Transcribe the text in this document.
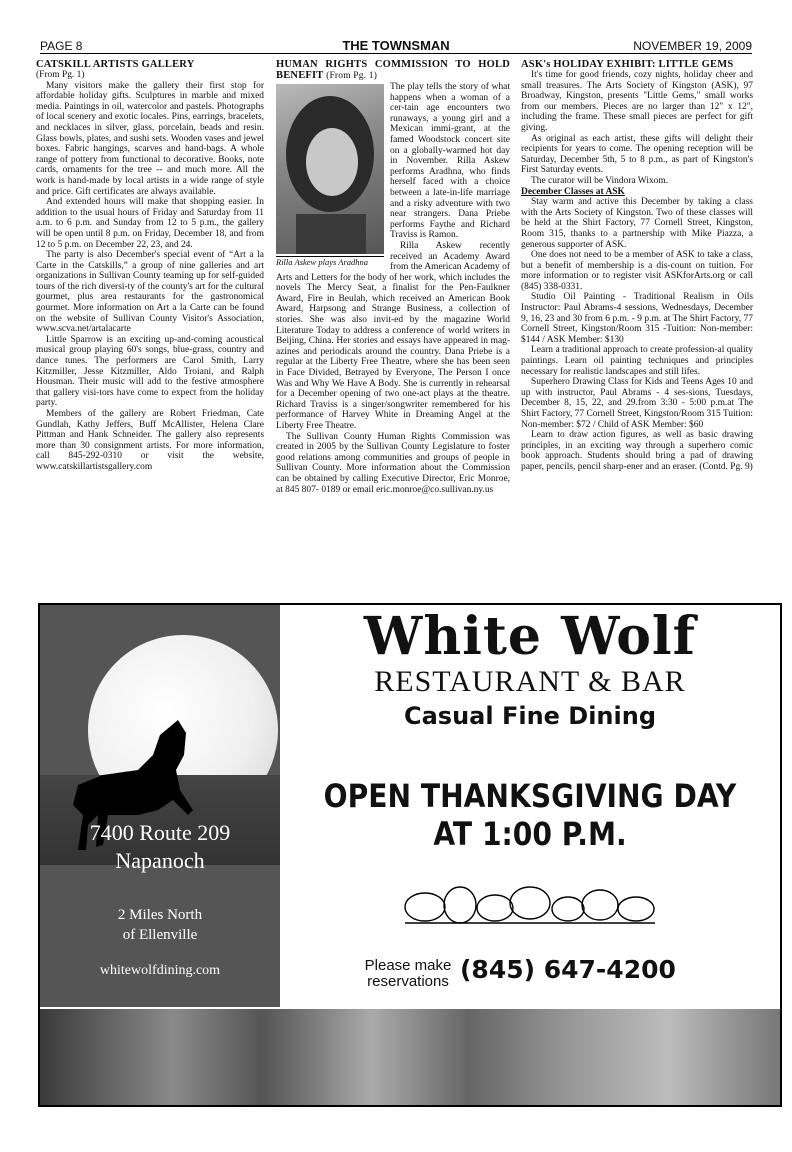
PAGE 8	THE TOWNSMAN	NOVEMBER 19, 2009
CATSKILL ARTISTS GALLERY

(From Pg. 1)

Many visitors make the gallery their first stop for affordable holiday gifts. Sculptures in marble and mixed media. Paintings in oil, watercolor and pastels. Photographs of local scenery and exotic locales. Pins, earrings, bracelets, and necklaces in silver, glass, porcelain, beads and resin. Glass bowls, plates, and sushi sets. Wooden vases and jewel boxes. Fabric hangings, scarves and hand-bags. A whole range of pottery from functional to decorative. Books, note cards, ornaments for the tree -- and much more. All the work is hand-made by local artists in a wide range of style and price. Gift certificates are always available.

And extended hours will make that shopping easier. In addition to the usual hours of Friday and Saturday from 11 a.m. to 6 p.m. and Sunday from 12 to 5 p.m., the gallery will be open until 8 p.m. on Friday, December 18, and from 12 to 5 p.m. on December 22, 23, and 24.

The party is also December's special event of “Art a la Carte in the Catskills,” a group of nine galleries and art organizations in Sullivan County teaming up for self-guided tours of the rich diversi-ty of the county's art for the cultural gourmet, plus area restaurants for the gastronomical gourmet. More information on Art a la Carte can be found on the website of Sullivan County Visitor's Association, www.scva.net/artalacarte

Little Sparrow is an exciting up-and-coming acoustical musical group playing 60's songs, blue-grass, country and dance tunes. The performers are Carol Smith, Larry Kitzmiller, Jesse Kitzmiller, Aldo Troiani, and Ralph Housman. Their music will add to the festive atmosphere that gallery visi-tors have come to expect from the holiday party.

Members of the gallery are Robert Friedman, Cate Gundlah, Kathy Jeffers, Buff McAllister, Helena Clare Pittman and Hank Schneider. The gallery also represents more than 30 consignment artists. For more information, call 845-292-0310 or visit the website, www.catskillartistsgallery.com

HUMAN RIGHTS COMMISSION TO HOLD BENEFIT (From Pg. 1)
Rilla Askew plays Aradhna

The play tells the story of what happens when a woman of a cer-tain age encounters two runaways, a young girl and a Mexican immi-grant, at the famed Woodstock concert site on a globally-warmed hot day in November. Rilla Askew performs Aradhna, who finds herself faced with a choice between a late-in-life marriage and a risky adventure with two near strangers. Dana Priebe performs Faythe and Richard Traviss is Ramon.

Rilla Askew recently received an Academy Award from the American Academy of Arts and Letters for the body of her work, which includes the novels The Mercy Seat, a finalist for the Pen-Faulkner Award, Fire in Beulah, which received an American Book Award, Harpsong and Strange Business, a collection of stories. She was also invit-ed by the magazine World Literature Today to address a conference of world writers in Beijing, China. Her stories and essays have appeared in mag-azines and periodicals around the country. Dana Priebe is a regular at the Liberty Free Theatre, where she has been seen in Face Divided, Betrayed by Everyone, The Person I once Was and Why We Have A Body. She is currently in rehearsal for a December opening of two one-act plays at the theatre. Richard Traviss is a singer/songwriter remembered for his performance of Harvey White in Dreaming Angel at the Liberty Free Theatre.

The Sullivan County Human Rights Commission was created in 2005 by the Sullivan County Legislature to foster good relations among communities and groups of people in Sullivan County. More information about the Commission can be obtained by calling Executive Director, Eric Monroe, at 845 807- 0189 or email eric.monroe@co.sullivan.ny.us

ASK's HOLIDAY EXHIBIT: LITTLE GEMS

It's time for good friends, cozy nights, holiday cheer and small treasures. The Arts Society of Kingston (ASK), 97 Broadway, Kingston, presents "Little Gems," small works from our members. Pieces are no larger than 12" x 12", including the frame. These small pieces are perfect for gift giving.

As original as each artist, these gifts will delight their recipients for years to come. The opening reception will be Saturday, December 5th, 5 to 8 p.m., as part of Kingston's First Saturday events.

The curator will be Vindora Wixom.

December Classes at ASK

Stay warm and active this December by taking a class with the Arts Society of Kingston. Two of these classes will be held at the Shirt Factory, 77 Cornell Street, Kingston, Room 315, thanks to a partnership with Mike Piazza, a generous supporter of ASK.

One does not need to be a member of ASK to take a class, but a benefit of membership is a dis-count on tuition. For more information or to register visit ASKforArts.org or call (845) 338-0331.

Studio Oil Painting - Traditional Realism in Oils Instructor: Paul Abrams-4 sessions, Wednesdays, December 9, 16, 23 and 30 from 6 p.m. - 9 p.m. at The Shirt Factory, 77 Cornell Street, Kingston/Room 315 -Tuition: Non-member: $144 / ASK Member: $130

Learn a traditional approach to create profession-al quality paintings. Learn oil painting techniques and principles necessary for realistic landscapes and still lifes.

Superhero Drawing Class for Kids and Teens Ages 10 and up with instructor, Paul Abrams - 4 ses-sions, Tuesdays, December 8, 15, 22, and 29.from 3:30 - 5:00 p.m.at The Shirt Factory, 77 Cornell Street, Kingston/Room 315 Tuition: Non-member: $72 / Child of ASK Member: $60

Learn to draw action figures, as well as basic drawing principles, in an exciting way through a superhero comic book approach. Students should bring a pad of drawing paper, pencils, pencil sharp-ener and an eraser. (Contd. Pg. 9)

7400 Route 209
Napanoch
2 Miles North
of Ellenville
whitewolfdining.com
White Wolf
RESTAURANT & BAR
Casual Fine Dining
OPEN THANKSGIVING DAY
AT 1:00 P.M.
Please make reservations (845) 647-4200
